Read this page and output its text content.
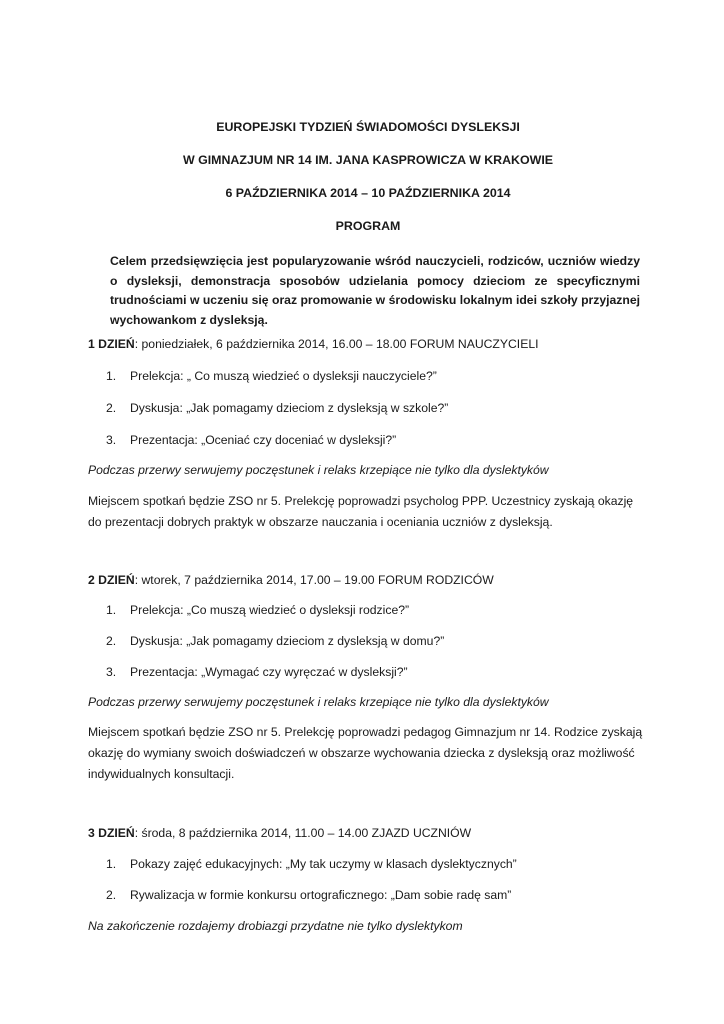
EUROPEJSKI TYDZIEŃ ŚWIADOMOŚCI DYSLEKSJI
W GIMNAZJUM NR 14 IM. JANA KASPROWICZA W KRAKOWIE
6 PAŹDZIERNIKA 2014 – 10 PAŹDZIERNIKA 2014
PROGRAM
Celem przedsięwzięcia jest popularyzowanie wśród nauczycieli, rodziców, uczniów wiedzy o dysleksji, demonstracja sposobów udzielania pomocy dzieciom ze specyficznymi trudnościami w uczeniu się oraz promowanie w środowisku lokalnym idei szkoły przyjaznej wychowankom z dysleksją.
1 DZIEŃ: poniedziałek, 6 października 2014, 16.00 – 18.00 FORUM NAUCZYCIELI
1. Prelekcja: „ Co muszą wiedzieć o dysleksji nauczyciele?”
2. Dyskusja: „Jak pomagamy dzieciom z dysleksją w szkole?”
3. Prezentacja: „Oceniać czy doceniać w dysleksji?”
Podczas przerwy serwujemy poczęstunek i relaks krzepiące nie tylko dla dyslektyków
Miejscem spotkań będzie ZSO nr 5. Prelekcję poprowadzi psycholog PPP. Uczestnicy zyskają okazję do prezentacji dobrych praktyk w obszarze nauczania i oceniania uczniów z dysleksją.
2 DZIEŃ: wtorek, 7 października 2014, 17.00 – 19.00 FORUM RODZICÓW
1. Prelekcja: „Co muszą wiedzieć o dysleksji rodzice?”
2. Dyskusja: „Jak pomagamy dzieciom z dysleksją w domu?”
3. Prezentacja: „Wymagać czy wyręczać w dysleksji?”
Podczas przerwy serwujemy poczęstunek i relaks krzepiące nie tylko dla dyslektyków
Miejscem spotkań będzie ZSO nr 5. Prelekcję poprowadzi pedagog Gimnazjum nr 14. Rodzice zyskają okazję do wymiany swoich doświadczeń w obszarze wychowania dziecka z dysleksją oraz możliwość indywidualnych konsultacji.
3 DZIEŃ: środa, 8 października 2014, 11.00 – 14.00 ZJAZD UCZNIÓW
1. Pokazy zajęć edukacyjnych: „My tak uczymy w klasach dyslektycznych”
2. Rywalizacja w formie konkursu ortograficznego: „Dam sobie radę sam”
Na zakończenie rozdajemy drobiazgi przydatne nie tylko dyslektykom
